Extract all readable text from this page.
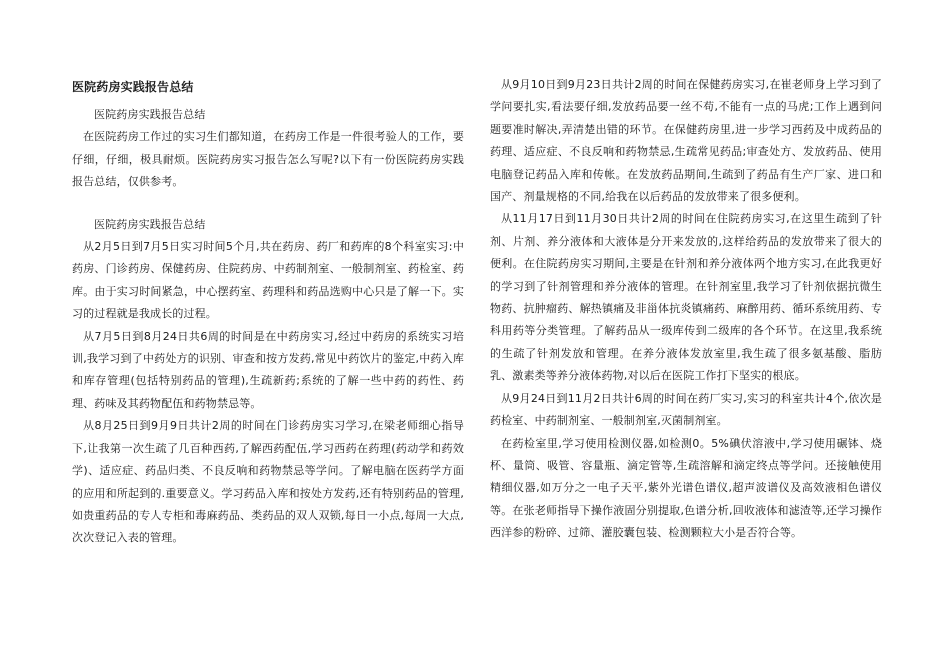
医院药房实践报告总结

医院药房实践报告总结

在医院药房工作过的实习生们都知道，在药房工作是一件很考验人的工作，要仔细，仔细，极具耐烦。医院药房实习报告怎么写呢?以下有一份医院药房实践报告总结，仅供参考。

医院药房实践报告总结

从2月5日到7月5日实习时间5个月,共在药房、药厂和药库的8个科室实习:中药房、门诊药房、保健药房、住院药房、中药制剂室、一般制剂室、药检室、药库。由于实习时间紧急，中心摆药室、药理科和药品选购中心只是了解一下。实习的过程就是我成长的过程。

从7月5日到8月24日共6周的时间是在中药房实习,经过中药房的系统实习培训,我学习到了中药处方的识别、审查和按方发药,常见中药饮片的鉴定,中药入库和库存管理(包括特别药品的管理),生疏新药;系统的了解一些中药的药性、药理、药味及其药物配伍和药物禁忌等。

从8月25日到9月9日共计2周的时间在门诊药房实习学习,在梁老师细心指导下,让我第一次生疏了几百种西药,了解西药配伍,学习西药在药理(药动学和药效学)、适应症、药品归类、不良反响和药物禁忌等学问。了解电脑在医药学方面的应用和所起到的.重要意义。学习药品入库和按处方发药,还有特别药品的管理,如贵重药品的专人专柜和毒麻药品、类药品的双人双锁,每日一小点,每周一大点,次次登记入表的管理。

从9月10日到9月23日共计2周的时间在保健药房实习,在崔老师身上学习到了学问要扎实,看法要仔细,发放药品要一丝不苟,不能有一点的马虎;工作上遇到问题要准时解决,弄清楚出错的环节。在保健药房里,进一步学习西药及中成药品的药理、适应症、不良反响和药物禁忌,生疏常见药品;审查处方、发放药品、使用电脑登记药品入库和传帐。在发放药品期间,生疏到了药品有生产厂家、进口和国产、剂量规格的不同,给我在以后药品的发放带来了很多便利。

从11月17日到11月30日共计2周的时间在住院药房实习,在这里生疏到了针剂、片剂、养分液体和大液体是分开来发放的,这样给药品的发放带来了很大的便利。在住院药房实习期间,主要是在针剂和养分液体两个地方实习,在此我更好的学习到了针剂管理和养分液体的管理。在针剂室里,我学习了针剂依据抗微生物药、抗肿瘤药、解热镇痛及非甾体抗炎镇痛药、麻醉用药、循环系统用药、专科用药等分类管理。了解药品从一级库传到二级库的各个环节。在这里,我系统的生疏了针剂发放和管理。在养分液体发放室里,我生疏了很多氨基酸、脂肪乳、激素类等养分液体药物,对以后在医院工作打下坚实的根底。

从9月24日到11月2日共计6周的时间在药厂实习,实习的科室共计4个,依次是药检室、中药制剂室、一般制剂室,灭菌制剂室。

在药检室里,学习使用检测仪器,如检测0。5%碘伏溶液中,学习使用碾钵、烧杯、量筒、吸管、容量瓶、滴定管等,生疏溶解和滴定终点等学问。还接触使用精细仪器,如万分之一电子天平,紫外光谱色谱仪,超声波谱仪及高效液相色谱仪等。在张老师指导下操作液固分别提取,色谱分析,回收液体和滤渣等,还学习操作西洋参的粉碎、过筛、灌胶囊包装、检测颗粒大小是否符合等。
